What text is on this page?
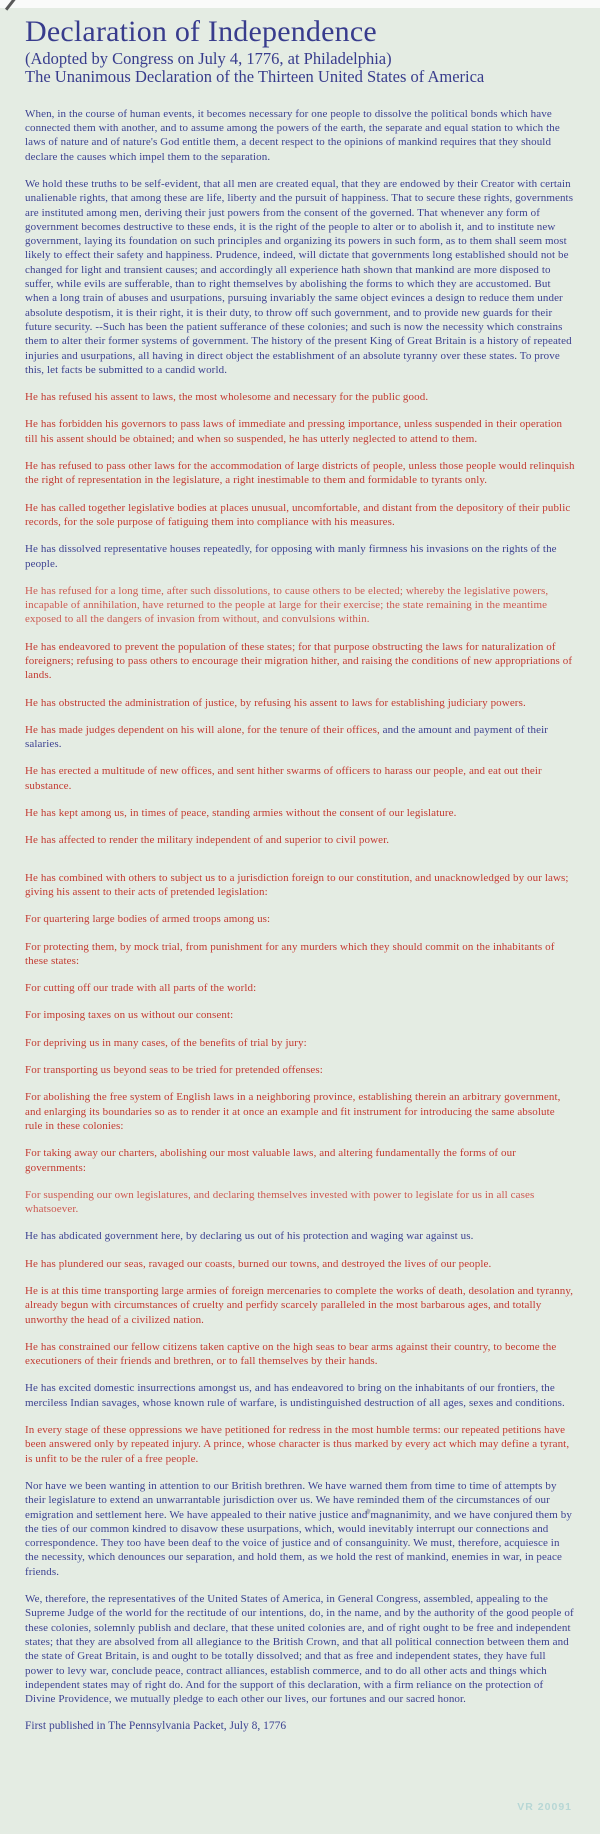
Declaration of Independence

(Adopted by Congress on July 4, 1776, at Philadelphia)

The Unanimous Declaration of the Thirteen United States of America

When, in the course of human events, it becomes necessary for one people to dissolve the political bonds which have connected them with another, and to assume among the powers of the earth, the separate and equal station to which the laws of nature and of nature's God entitle them, a decent respect to the opinions of mankind requires that they should declare the causes which impel them to the separation.

We hold these truths to be self-evident, that all men are created equal, that they are endowed by their Creator with certain unalienable rights, that among these are life, liberty and the pursuit of happiness. That to secure these rights, governments are instituted among men, deriving their just powers from the consent of the governed. That whenever any form of government becomes destructive to these ends, it is the right of the people to alter or to abolish it, and to institute new government, laying its foundation on such principles and organizing its powers in such form, as to them shall seem most likely to effect their safety and happiness. Prudence, indeed, will dictate that governments long established should not be changed for light and transient causes; and accordingly all experience hath shown that mankind are more disposed to suffer, while evils are sufferable, than to right themselves by abolishing the forms to which they are accustomed. But when a long train of abuses and usurpations, pursuing invariably the same object evinces a design to reduce them under absolute despotism, it is their right, it is their duty, to throw off such government, and to provide new guards for their future security. --Such has been the patient sufferance of these colonies; and such is now the necessity which constrains them to alter their former systems of government. The history of the present King of Great Britain is a history of repeated injuries and usurpations, all having in direct object the establishment of an absolute tyranny over these states. To prove this, let facts be submitted to a candid world.

He has refused his assent to laws, the most wholesome and necessary for the public good.

He has forbidden his governors to pass laws of immediate and pressing importance, unless suspended in their operation till his assent should be obtained; and when so suspended, he has utterly neglected to attend to them.

He has refused to pass other laws for the accommodation of large districts of people, unless those people would relinquish the right of representation in the legislature, a right inestimable to them and formidable to tyrants only.

He has called together legislative bodies at places unusual, uncomfortable, and distant from the depository of their public records, for the sole purpose of fatiguing them into compliance with his measures.

He has dissolved representative houses repeatedly, for opposing with manly firmness his invasions on the rights of the people.

He has refused for a long time, after such dissolutions, to cause others to be elected; whereby the legislative powers, incapable of annihilation, have returned to the people at large for their exercise; the state remaining in the meantime exposed to all the dangers of invasion from without, and convulsions within.

He has endeavored to prevent the population of these states; for that purpose obstructing the laws for naturalization of foreigners; refusing to pass others to encourage their migration hither, and raising the conditions of new appropriations of lands.

He has obstructed the administration of justice, by refusing his assent to laws for establishing judiciary powers.

He has made judges dependent on his will alone, for the tenure of their offices, and the amount and payment of their salaries.

He has erected a multitude of new offices, and sent hither swarms of officers to harass our people, and eat out their substance.

He has kept among us, in times of peace, standing armies without the consent of our legislature.

He has affected to render the military independent of and superior to civil power.

He has combined with others to subject us to a jurisdiction foreign to our constitution, and unacknowledged by our laws; giving his assent to their acts of pretended legislation:

For quartering large bodies of armed troops among us:

For protecting them, by mock trial, from punishment for any murders which they should commit on the inhabitants of these states:

For cutting off our trade with all parts of the world:

For imposing taxes on us without our consent:

For depriving us in many cases, of the benefits of trial by jury:

For transporting us beyond seas to be tried for pretended offenses:

For abolishing the free system of English laws in a neighboring province, establishing therein an arbitrary government, and enlarging its boundaries so as to render it at once an example and fit instrument for introducing the same absolute rule in these colonies:

For taking away our charters, abolishing our most valuable laws, and altering fundamentally the forms of our governments:

For suspending our own legislatures, and declaring themselves invested with power to legislate for us in all cases whatsoever.

He has abdicated government here, by declaring us out of his protection and waging war against us.

He has plundered our seas, ravaged our coasts, burned our towns, and destroyed the lives of our people.

He is at this time transporting large armies of foreign mercenaries to complete the works of death, desolation and tyranny, already begun with circumstances of cruelty and perfidy scarcely paralleled in the most barbarous ages, and totally unworthy the head of a civilized nation.

He has constrained our fellow citizens taken captive on the high seas to bear arms against their country, to become the executioners of their friends and brethren, or to fall themselves by their hands.

He has excited domestic insurrections amongst us, and has endeavored to bring on the inhabitants of our frontiers, the merciless Indian savages, whose known rule of warfare, is undistinguished destruction of all ages, sexes and conditions.

In every stage of these oppressions we have petitioned for redress in the most humble terms: our repeated petitions have been answered only by repeated injury. A prince, whose character is thus marked by every act which may define a tyrant, is unfit to be the ruler of a free people.

Nor have we been wanting in attention to our British brethren. We have warned them from time to time of attempts by their legislature to extend an unwarrantable jurisdiction over us. We have reminded them of the circumstances of our emigration and settlement here. We have appealed to their native justice and magnanimity, and we have conjured them by the ties of our common kindred to disavow these usurpations, which, would inevitably interrupt our connections and correspondence. They too have been deaf to the voice of justice and of consanguinity. We must, therefore, acquiesce in the necessity, which denounces our separation, and hold them, as we hold the rest of mankind, enemies in war, in peace friends.

We, therefore, the representatives of the United States of America, in General Congress, assembled, appealing to the Supreme Judge of the world for the rectitude of our intentions, do, in the name, and by the authority of the good people of these colonies, solemnly publish and declare, that these united colonies are, and of right ought to be free and independent states; that they are absolved from all allegiance to the British Crown, and that all political connection between them and the state of Great Britain, is and ought to be totally dissolved; and that as free and independent states, they have full power to levy war, conclude peace, contract alliances, establish commerce, and to do all other acts and things which independent states may of right do. And for the support of this declaration, with a firm reliance on the protection of Divine Providence, we mutually pledge to each other our lives, our fortunes and our sacred honor.

First published in The Pennsylvania Packet, July 8, 1776

VR 20091
